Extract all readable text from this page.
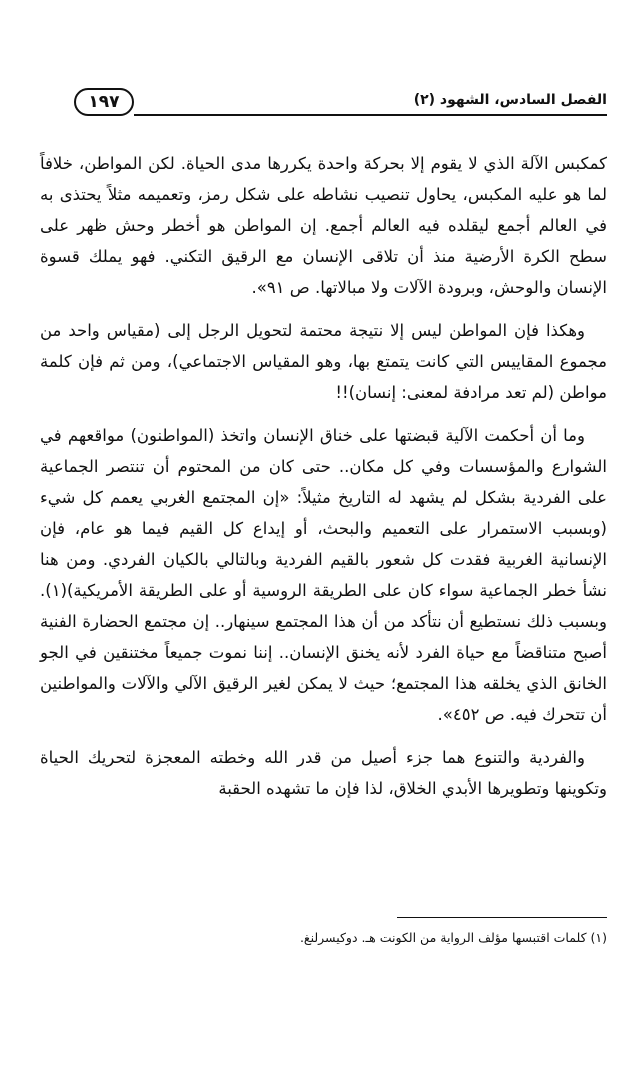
١٩٧	الفصل السادس، الشهود (٢)

كمكبس الآلة الذي لا يقوم إلا بحركة واحدة يكررها مدى الحياة. لكن المواطن، خلافاً لما هو عليه المكبس، يحاول تنصيب نشاطه على شكل رمز، وتعميمه مثلاً يحتذى به في العالم أجمع ليقلده فيه العالم أجمع. إن المواطن هو أخطر وحش ظهر على سطح الكرة الأرضية منذ أن تلاقى الإنسان مع الرقيق التكني. فهو يملك قسوة الإنسان والوحش، وبرودة الآلات ولا مبالاتها. ص ٩١».

وهكذا فإن المواطن ليس إلا نتيجة محتمة لتحويل الرجل إلى (مقياس واحد من مجموع المقاييس التي كانت يتمتع بها، وهو المقياس الاجتماعي)، ومن ثم فإن كلمة مواطن (لم تعد مرادفة لمعنى: إنسان)!!

وما أن أحكمت الآلية قبضتها على خناق الإنسان واتخذ (المواطنون) مواقعهم في الشوارع والمؤسسات وفي كل مكان.. حتى كان من المحتوم أن تنتصر الجماعية على الفردية بشكل لم يشهد له التاريخ مثيلاً: «إن المجتمع الغربي يعمم كل شيء (وبسبب الاستمرار على التعميم والبحث، أو إيداع كل القيم فيما هو عام، فإن الإنسانية الغربية فقدت كل شعور بالقيم الفردية وبالتالي بالكيان الفردي. ومن هنا نشأ خطر الجماعية سواء كان على الطريقة الروسية أو على الطريقة الأمريكية)(١). وبسبب ذلك نستطيع أن نتأكد من أن هذا المجتمع سينهار.. إن مجتمع الحضارة الفنية أصبح متناقضاً مع حياة الفرد لأنه يخنق الإنسان.. إننا نموت جميعاً مختنقين في الجو الخانق الذي يخلقه هذا المجتمع؛ حيث لا يمكن لغير الرقيق الآلي والآلات والمواطنين أن تتحرك فيه. ص ٤٥٢».

والفردية والتنوع هما جزء أصيل من قدر الله وخطته المعجزة لتحريك الحياة وتكوينها وتطويرها الأبدي الخلاق، لذا فإن ما تشهده الحقبة

(١) كلمات اقتبسها مؤلف الرواية من الكونت هـ. دوكيسرلنغ.
